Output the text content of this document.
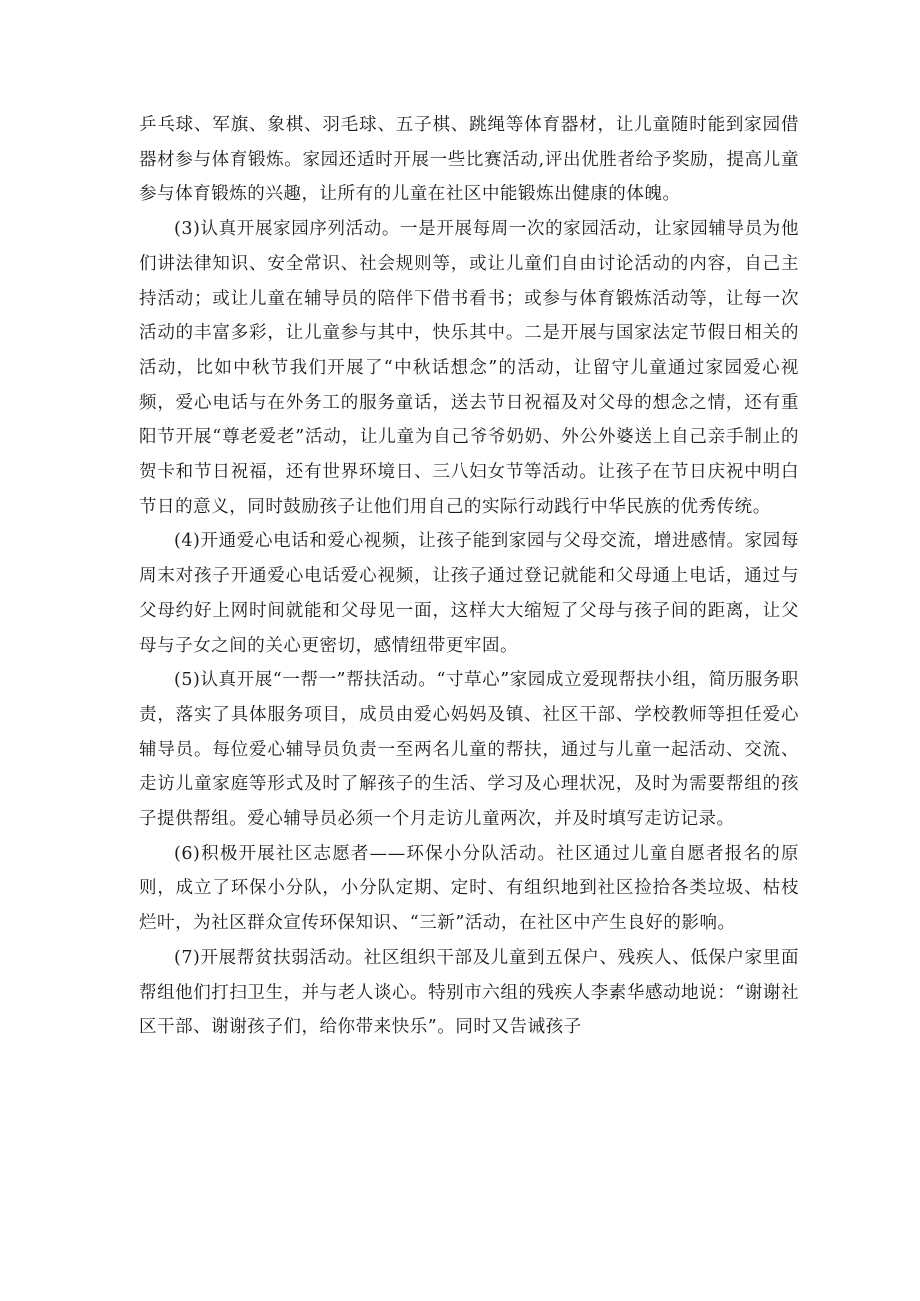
乒乓球、军旗、象棋、羽毛球、五子棋、跳绳等体育器材，让儿童随时能到家园借器材参与体育锻炼。家园还适时开展一些比赛活动,评出优胜者给予奖励，提高儿童参与体育锻炼的兴趣，让所有的儿童在社区中能锻炼出健康的体魄。

(3)认真开展家园序列活动。一是开展每周一次的家园活动，让家园辅导员为他们讲法律知识、安全常识、社会规则等，或让儿童们自由讨论活动的内容，自己主持活动；或让儿童在辅导员的陪伴下借书看书；或参与体育锻炼活动等，让每一次活动的丰富多彩，让儿童参与其中，快乐其中。二是开展与国家法定节假日相关的活动，比如中秋节我们开展了“中秋话想念”的活动，让留守儿童通过家园爱心视频，爱心电话与在外务工的服务童话，送去节日祝福及对父母的想念之情，还有重阳节开展“尊老爱老”活动，让儿童为自己爷爷奶奶、外公外婆送上自己亲手制止的贺卡和节日祝福，还有世界环境日、三八妇女节等活动。让孩子在节日庆祝中明白节日的意义，同时鼓励孩子让他们用自己的实际行动践行中华民族的优秀传统。

(4)开通爱心电话和爱心视频，让孩子能到家园与父母交流，增进感情。家园每周末对孩子开通爱心电话爱心视频，让孩子通过登记就能和父母通上电话，通过与父母约好上网时间就能和父母见一面，这样大大缩短了父母与孩子间的距离，让父母与子女之间的关心更密切，感情纽带更牢固。

(5)认真开展“一帮一”帮扶活动。“寸草心”家园成立爱现帮扶小组，简历服务职责，落实了具体服务项目，成员由爱心妈妈及镇、社区干部、学校教师等担任爱心辅导员。每位爱心辅导员负责一至两名儿童的帮扶，通过与儿童一起活动、交流、走访儿童家庭等形式及时了解孩子的生活、学习及心理状况，及时为需要帮组的孩子提供帮组。爱心辅导员必须一个月走访儿童两次，并及时填写走访记录。

(6)积极开展社区志愿者——环保小分队活动。社区通过儿童自愿者报名的原则，成立了环保小分队，小分队定期、定时、有组织地到社区捡拾各类垃圾、枯枝烂叶，为社区群众宣传环保知识、“三新”活动，在社区中产生良好的影响。

(7)开展帮贫扶弱活动。社区组织干部及儿童到五保户、残疾人、低保户家里面帮组他们打扫卫生，并与老人谈心。特别市六组的残疾人李素华感动地说：“谢谢社区干部、谢谢孩子们，给你带来快乐”。同时又告诫孩子
